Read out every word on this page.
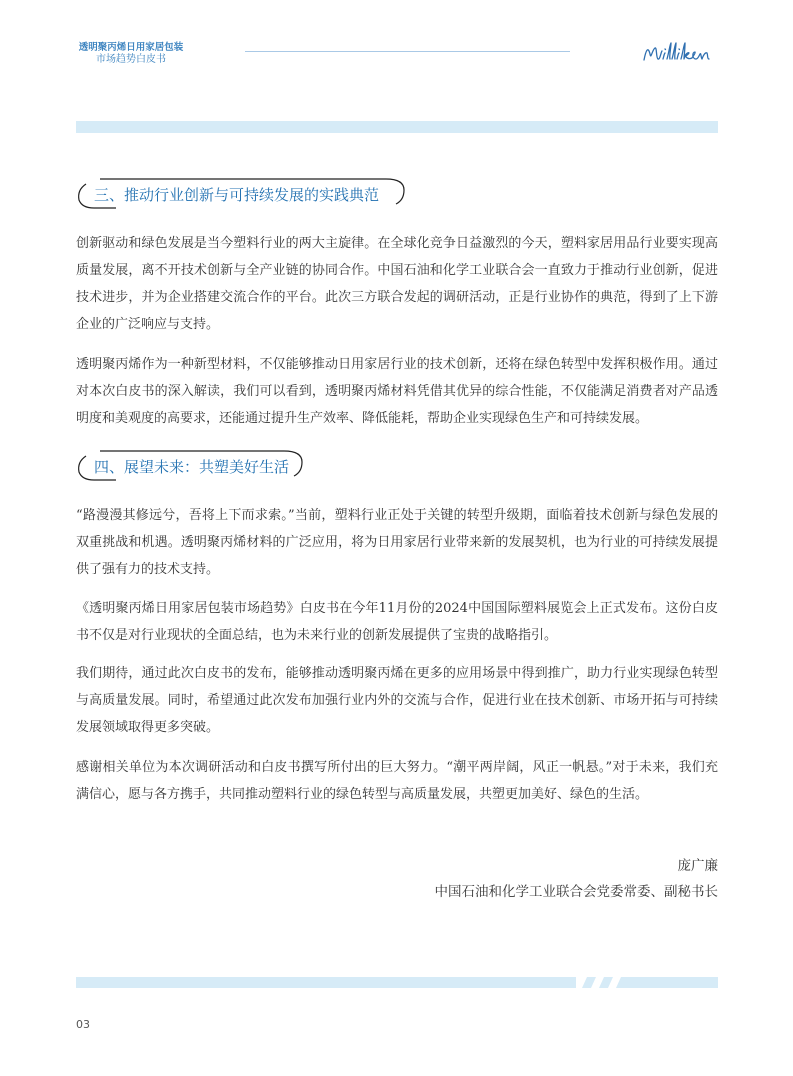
透明聚丙烯日用家居包装
市场趋势白皮书
三、推动行业创新与可持续发展的实践典范

创新驱动和绿色发展是当今塑料行业的两大主旋律。在全球化竞争日益激烈的今天，塑料家居用品行业要实现高质量发展，离不开技术创新与全产业链的协同合作。中国石油和化学工业联合会一直致力于推动行业创新，促进技术进步，并为企业搭建交流合作的平台。此次三方联合发起的调研活动，正是行业协作的典范，得到了上下游企业的广泛响应与支持。

透明聚丙烯作为一种新型材料，不仅能够推动日用家居行业的技术创新，还将在绿色转型中发挥积极作用。通过对本次白皮书的深入解读，我们可以看到，透明聚丙烯材料凭借其优异的综合性能，不仅能满足消费者对产品透明度和美观度的高要求，还能通过提升生产效率、降低能耗，帮助企业实现绿色生产和可持续发展。

四、展望未来：共塑美好生活

“路漫漫其修远兮，吾将上下而求索。”当前，塑料行业正处于关键的转型升级期，面临着技术创新与绿色发展的双重挑战和机遇。透明聚丙烯材料的广泛应用，将为日用家居行业带来新的发展契机，也为行业的可持续发展提供了强有力的技术支持。

《透明聚丙烯日用家居包装市场趋势》白皮书在今年11月份的2024中国国际塑料展览会上正式发布。这份白皮书不仅是对行业现状的全面总结，也为未来行业的创新发展提供了宝贵的战略指引。

我们期待，通过此次白皮书的发布，能够推动透明聚丙烯在更多的应用场景中得到推广，助力行业实现绿色转型与高质量发展。同时，希望通过此次发布加强行业内外的交流与合作，促进行业在技术创新、市场开拓与可持续发展领域取得更多突破。

感谢相关单位为本次调研活动和白皮书撰写所付出的巨大努力。“潮平两岸阔，风正一帆悬。”对于未来，我们充满信心，愿与各方携手，共同推动塑料行业的绿色转型与高质量发展，共塑更加美好、绿色的生活。

庞广廉
中国石油和化学工业联合会党委常委、副秘书长
03
